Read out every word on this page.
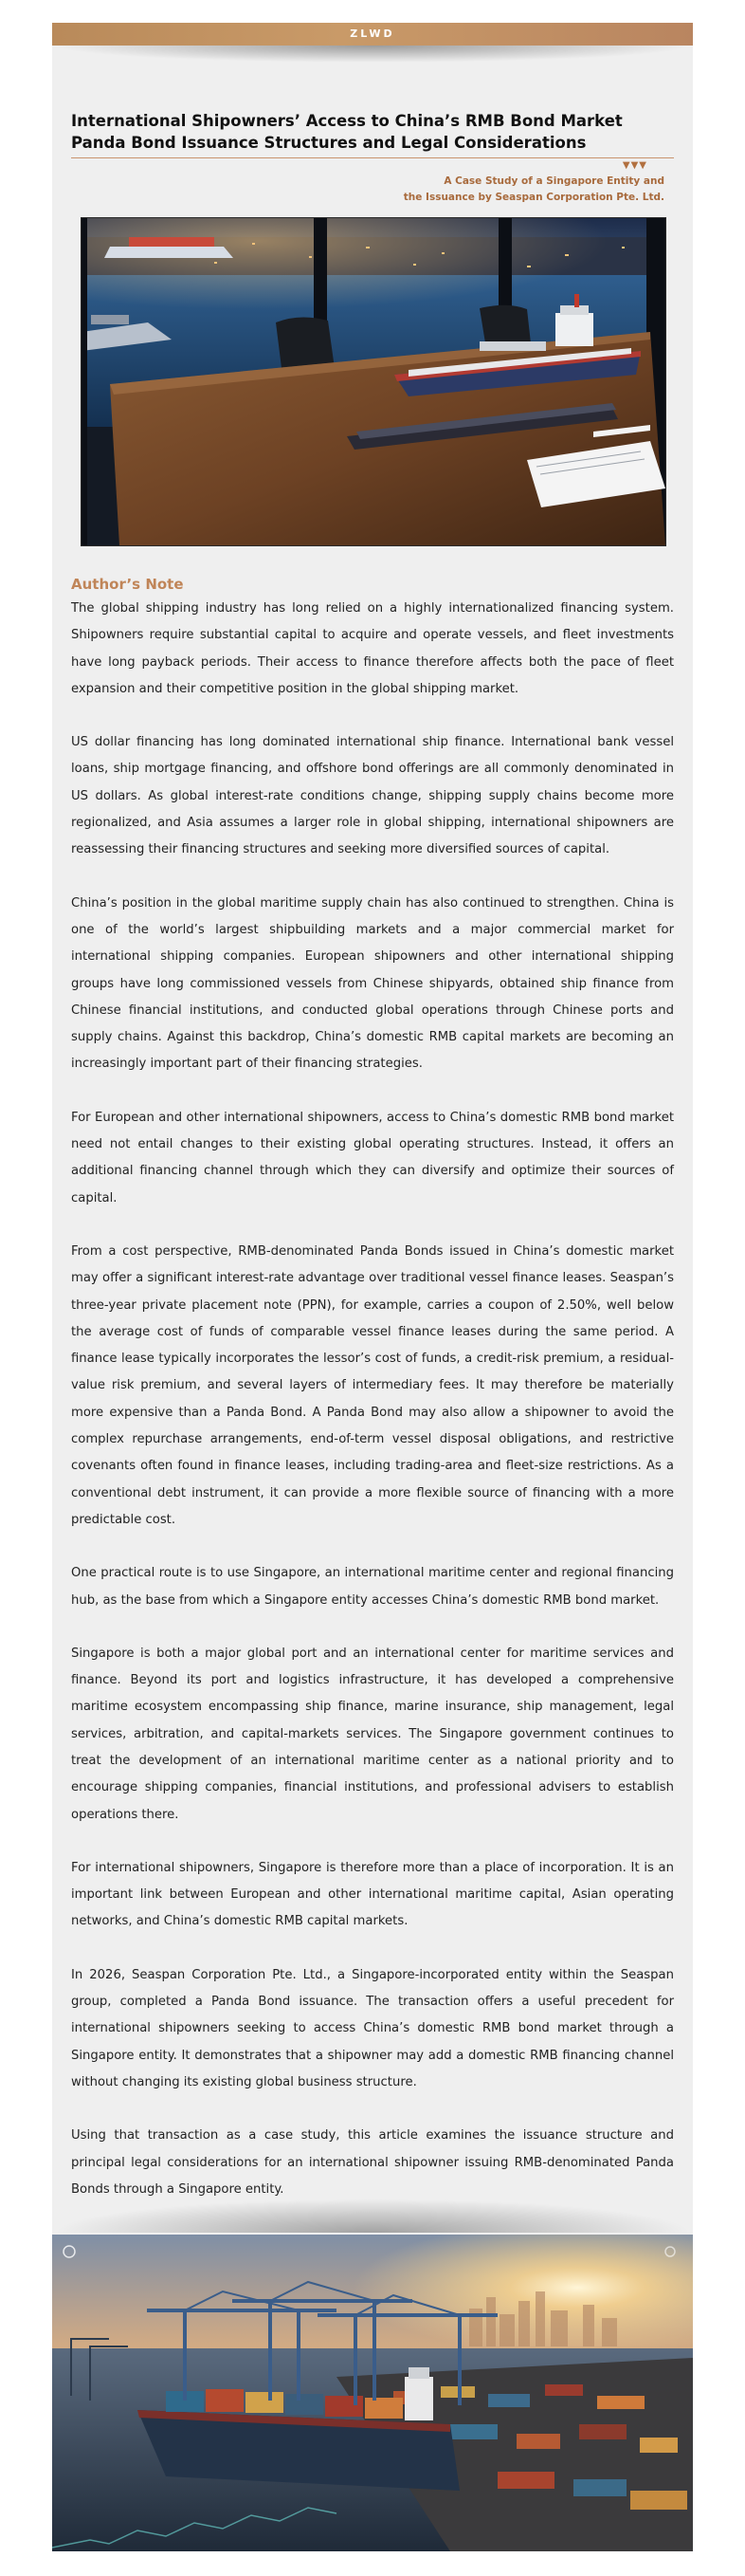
ZLWD
International Shipowners’ Access to China’s RMB Bond Market
Panda Bond Issuance Structures and Legal Considerations
▼▼▼
A Case Study of a Singapore Entity and
the Issuance by Seaspan Corporation Pte. Ltd.
Author’s Note

The global shipping industry has long relied on a highly internationalized financing system. Shipowners require substantial capital to acquire and operate vessels, and fleet investments have long payback periods. Their access to finance therefore affects both the pace of fleet expansion and their competitive position in the global shipping market.

US dollar financing has long dominated international ship finance. International bank vessel loans, ship mortgage financing, and offshore bond offerings are all commonly denominated in US dollars. As global interest-rate conditions change, shipping supply chains become more regionalized, and Asia assumes a larger role in global shipping, international shipowners are reassessing their financing structures and seeking more diversified sources of capital.

China’s position in the global maritime supply chain has also continued to strengthen. China is one of the world’s largest shipbuilding markets and a major commercial market for international shipping companies. European shipowners and other international shipping groups have long commissioned vessels from Chinese shipyards, obtained ship finance from Chinese financial institutions, and conducted global operations through Chinese ports and supply chains. Against this backdrop, China’s domestic RMB capital markets are becoming an increasingly important part of their financing strategies.

For European and other international shipowners, access to China’s domestic RMB bond market need not entail changes to their existing global operating structures. Instead, it offers an additional financing channel through which they can diversify and optimize their sources of capital.

From a cost perspective, RMB-denominated Panda Bonds issued in China’s domestic market may offer a significant interest-rate advantage over traditional vessel finance leases. Seaspan’s three-year private placement note (PPN), for example, carries a coupon of 2.50%, well below the average cost of funds of comparable vessel finance leases during the same period. A finance lease typically incorporates the lessor’s cost of funds, a credit-risk premium, a residual-value risk premium, and several layers of intermediary fees. It may therefore be materially more expensive than a Panda Bond. A Panda Bond may also allow a shipowner to avoid the complex repurchase arrangements, end-of-term vessel disposal obligations, and restrictive covenants often found in finance leases, including trading-area and fleet-size restrictions. As a conventional debt instrument, it can provide a more flexible source of financing with a more predictable cost.

One practical route is to use Singapore, an international maritime center and regional financing hub, as the base from which a Singapore entity accesses China’s domestic RMB bond market.

Singapore is both a major global port and an international center for maritime services and finance. Beyond its port and logistics infrastructure, it has developed a comprehensive maritime ecosystem encompassing ship finance, marine insurance, ship management, legal services, arbitration, and capital-markets services. The Singapore government continues to treat the development of an international maritime center as a national priority and to encourage shipping companies, financial institutions, and professional advisers to establish operations there.

For international shipowners, Singapore is therefore more than a place of incorporation. It is an important link between European and other international maritime capital, Asian operating networks, and China’s domestic RMB capital markets.

In 2026, Seaspan Corporation Pte. Ltd., a Singapore-incorporated entity within the Seaspan group, completed a Panda Bond issuance. The transaction offers a useful precedent for international shipowners seeking to access China’s domestic RMB bond market through a Singapore entity. It demonstrates that a shipowner may add a domestic RMB financing channel without changing its existing global business structure.

Using that transaction as a case study, this article examines the issuance structure and principal legal considerations for an international shipowner issuing RMB-denominated Panda Bonds through a Singapore entity.
